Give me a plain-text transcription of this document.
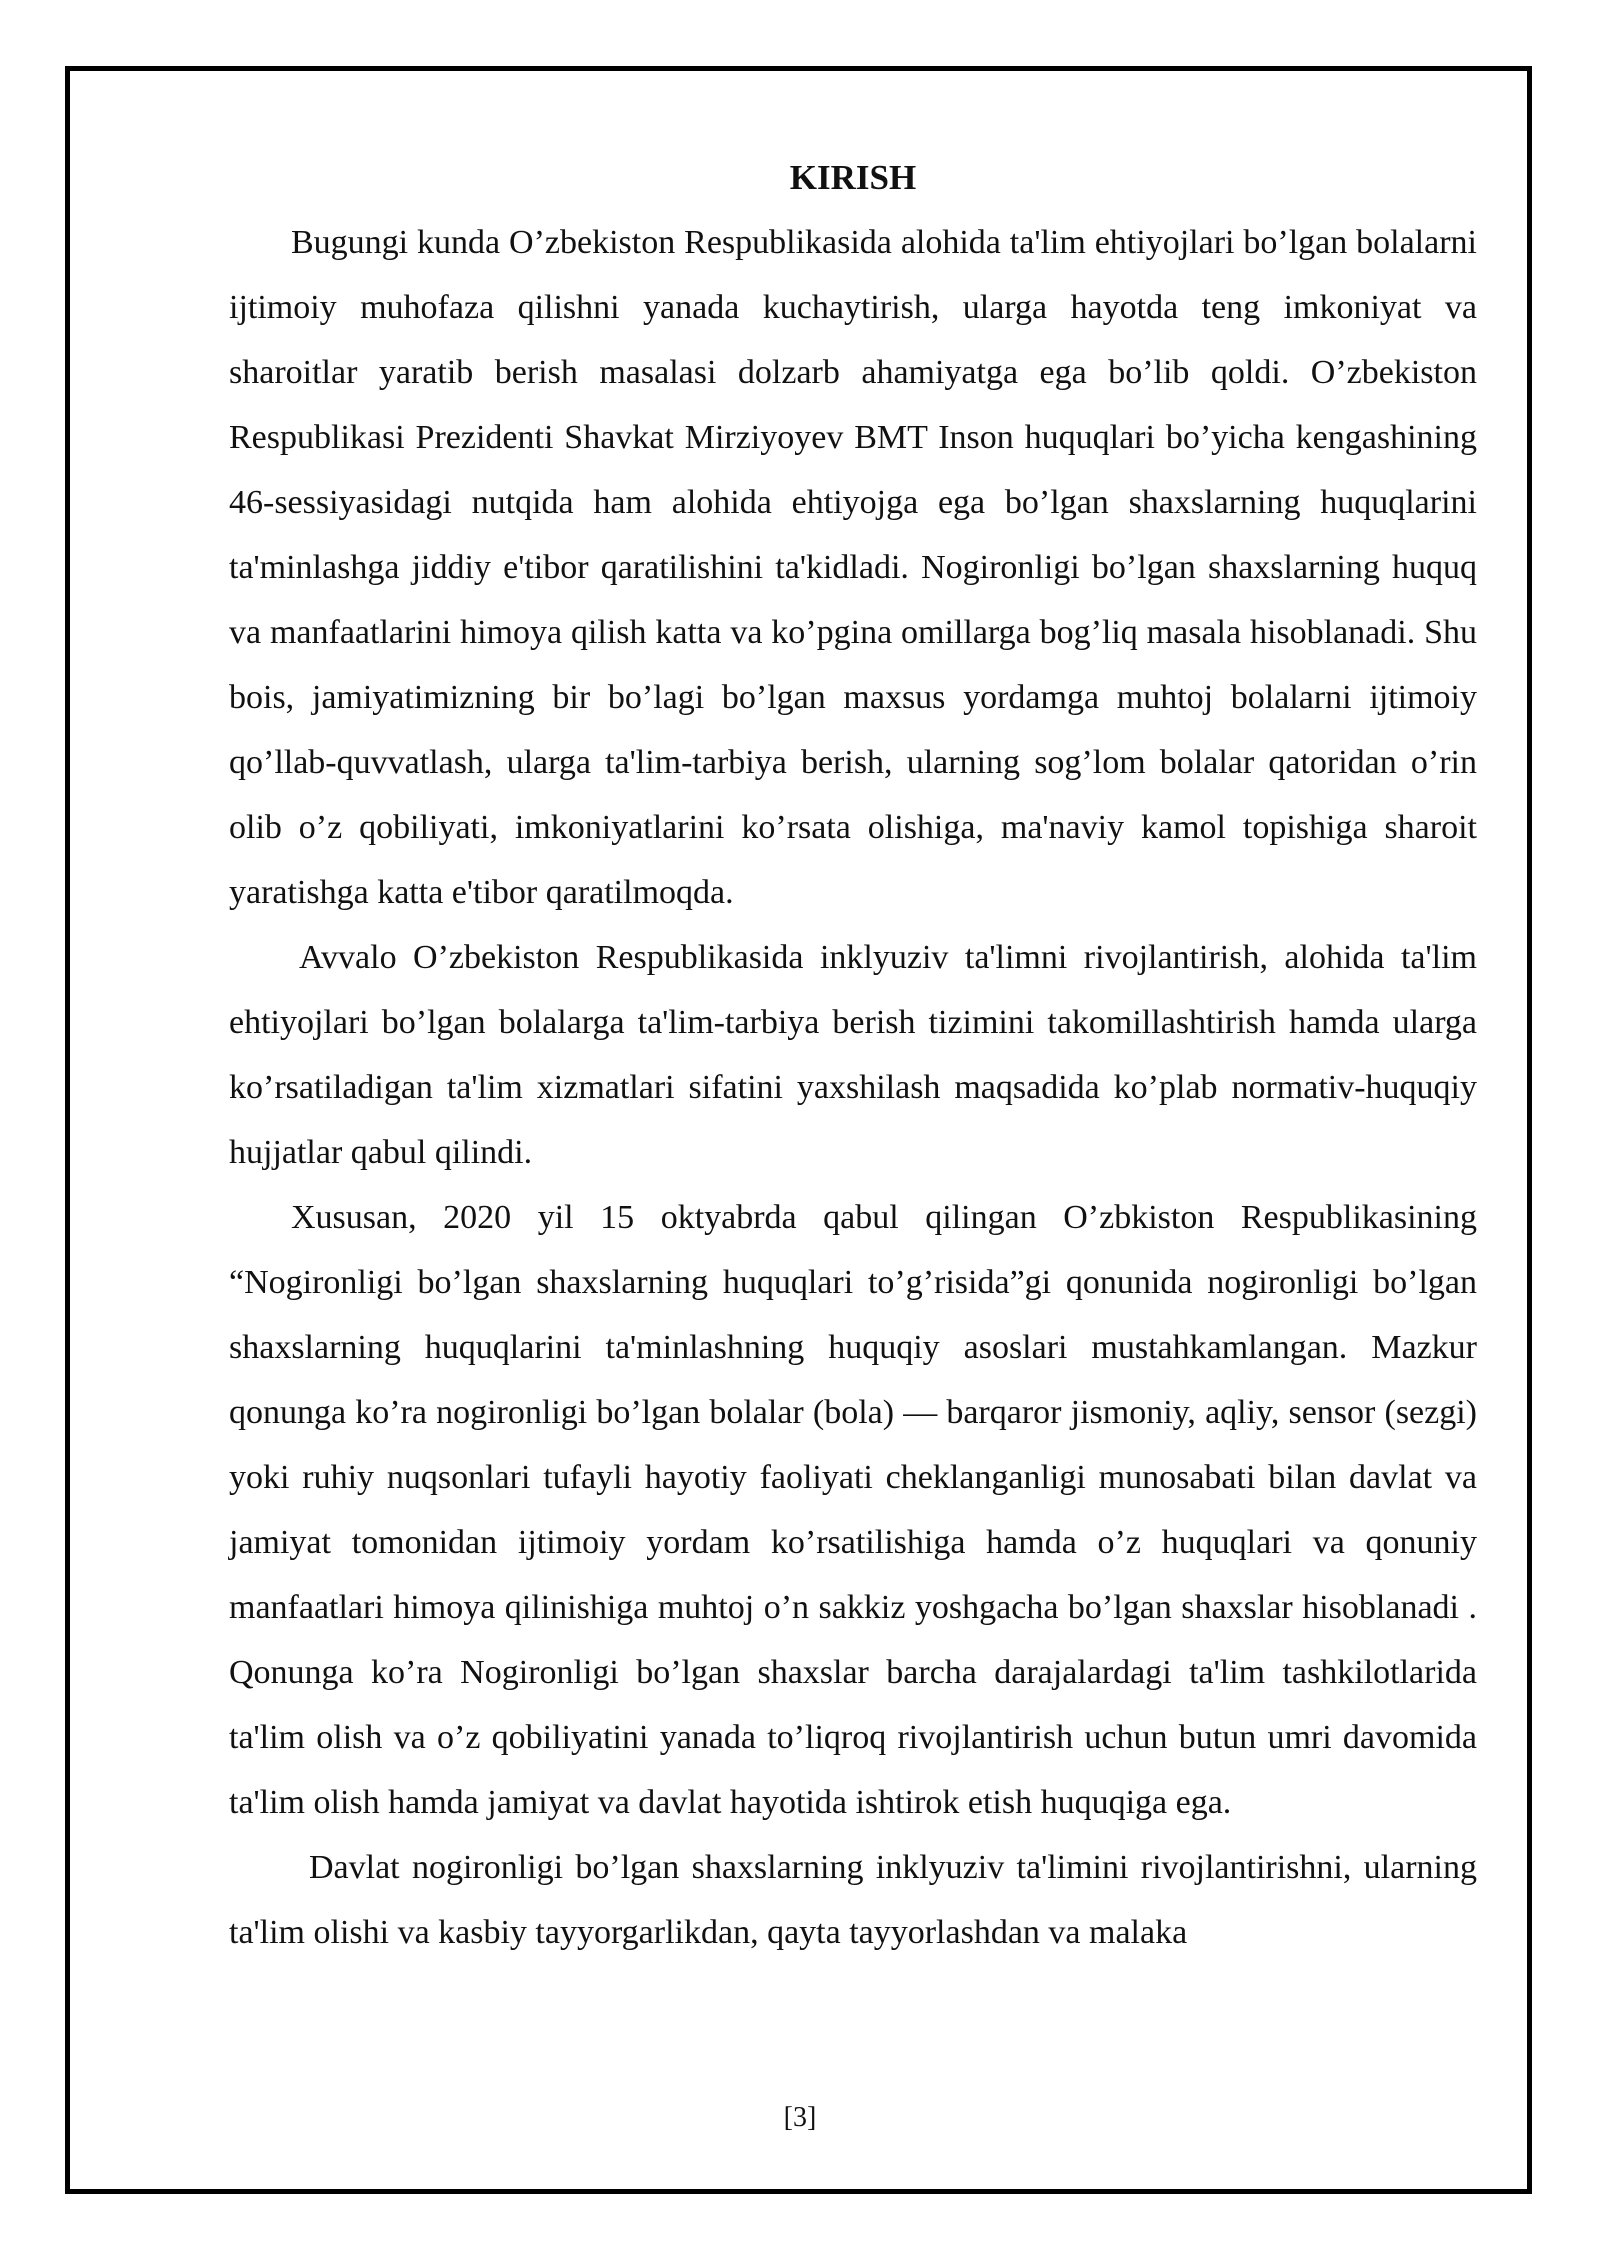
KIRISH

Bugungi kunda O’zbekiston Respublikasida alohida ta'lim ehtiyojlari bo’lgan bolalarni ijtimoiy muhofaza qilishni yanada kuchaytirish, ularga hayotda teng imkoniyat va sharoitlar yaratib berish masalasi dolzarb ahamiyatga ega bo’lib qoldi. O’zbekiston Respublikasi Prezidenti Shavkat Mirziyoyev BMT Inson huquqlari bo’yicha kengashining 46-sessiyasidagi nutqida ham alohida ehtiyojga ega bo’lgan shaxslarning huquqlarini ta'minlashga jiddiy e'tibor qaratilishini ta'kidladi. Nogironligi bo’lgan shaxslarning huquq va manfaatlarini himoya qilish katta va ko’pgina omillarga bog’liq masala hisoblanadi. Shu bois, jamiyatimizning bir bo’lagi bo’lgan maxsus yordamga muhtoj bolalarni ijtimoiy qo’llab-quvvatlash, ularga ta'lim-tarbiya berish, ularning sog’lom bolalar qatoridan o’rin olib o’z qobiliyati, imkoniyatlarini ko’rsata olishiga, ma'naviy kamol topishiga sharoit yaratishga katta e'tibor qaratilmoqda.

Avvalo O’zbekiston Respublikasida inklyuziv ta'limni rivojlantirish, alohida ta'lim ehtiyojlari bo’lgan bolalarga ta'lim-tarbiya berish tizimini takomillashtirish hamda ularga ko’rsatiladigan ta'lim xizmatlari sifatini yaxshilash maqsadida ko’plab normativ-huquqiy hujjatlar qabul qilindi.

Xususan, 2020 yil 15 oktyabrda qabul qilingan O’zbkiston Respublikasining “Nogironligi bo’lgan shaxslarning huquqlari to’g’risida”gi qonunida nogironligi bo’lgan shaxslarning huquqlarini ta'minlashning huquqiy asoslari mustahkamlangan. Mazkur qonunga ko’ra nogironligi bo’lgan bolalar (bola) — barqaror jismoniy, aqliy, sensor (sezgi) yoki ruhiy nuqsonlari tufayli hayotiy faoliyati cheklanganligi munosabati bilan davlat va jamiyat tomonidan ijtimoiy yordam ko’rsatilishiga hamda o’z huquqlari va qonuniy manfaatlari himoya qilinishiga muhtoj o’n sakkiz yoshgacha bo’lgan shaxslar hisoblanadi . Qonunga ko’ra Nogironligi bo’lgan shaxslar barcha darajalardagi ta'lim tashkilotlarida ta'lim olish va o’z qobiliyatini yanada to’liqroq rivojlantirish uchun butun umri davomida ta'lim olish hamda jamiyat va davlat hayotida ishtirok etish huquqiga ega.

Davlat nogironligi bo’lgan shaxslarning inklyuziv ta'limini rivojlantirishni, ularning ta'lim olishi va kasbiy tayyorgarlikdan, qayta tayyorlashdan va malaka

[3]
